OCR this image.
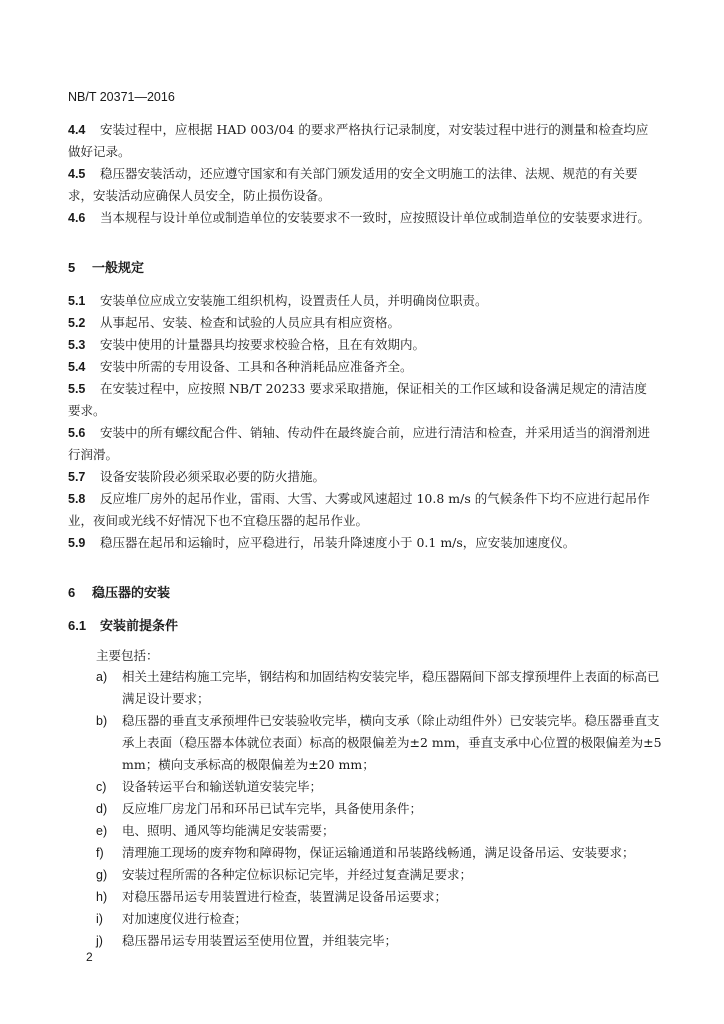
NB/T 20371—2016

4.4 安装过程中，应根据 HAD 003/04 的要求严格执行记录制度，对安装过程中进行的测量和检查均应做好记录。

4.5 稳压器安装活动，还应遵守国家和有关部门颁发适用的安全文明施工的法律、法规、规范的有关要求，安装活动应确保人员安全，防止损伤设备。

4.6 当本规程与设计单位或制造单位的安装要求不一致时，应按照设计单位或制造单位的安装要求进行。

5 一般规定

5.1 安装单位应成立安装施工组织机构，设置责任人员，并明确岗位职责。

5.2 从事起吊、安装、检查和试验的人员应具有相应资格。

5.3 安装中使用的计量器具均按要求校验合格，且在有效期内。

5.4 安装中所需的专用设备、工具和各种消耗品应准备齐全。

5.5 在安装过程中，应按照 NB/T 20233 要求采取措施，保证相关的工作区域和设备满足规定的清洁度要求。

5.6 安装中的所有螺纹配合件、销轴、传动件在最终旋合前，应进行清洁和检查，并采用适当的润滑剂进行润滑。

5.7 设备安装阶段必须采取必要的防火措施。

5.8 反应堆厂房外的起吊作业，雷雨、大雪、大雾或风速超过 10.8 m/s 的气候条件下均不应进行起吊作业，夜间或光线不好情况下也不宜稳压器的起吊作业。

5.9 稳压器在起吊和运输时，应平稳进行，吊装升降速度小于 0.1 m/s，应安装加速度仪。

6 稳压器的安装
6.1 安装前提条件
主要包括：

a)	相关土建结构施工完毕，钢结构和加固结构安装完毕，稳压器隔间下部支撑预埋件上表面的标高已满足设计要求；

b)	稳压器的垂直支承预埋件已安装验收完毕，横向支承（除止动组件外）已安装完毕。稳压器垂直支承上表面（稳压器本体就位表面）标高的极限偏差为±2 mm，垂直支承中心位置的极限偏差为±5 mm；横向支承标高的极限偏差为±20 mm；

c)	设备转运平台和输送轨道安装完毕；

d)	反应堆厂房龙门吊和环吊已试车完毕，具备使用条件；

e)	电、照明、通风等均能满足安装需要；

f)	清理施工现场的废弃物和障碍物，保证运输通道和吊装路线畅通，满足设备吊运、安装要求；

g)	安装过程所需的各种定位标识标记完毕，并经过复查满足要求；

h)	对稳压器吊运专用装置进行检查，装置满足设备吊运要求；

i)	对加速度仪进行检查；

j)	稳压器吊运专用装置运至使用位置，并组装完毕；

2
